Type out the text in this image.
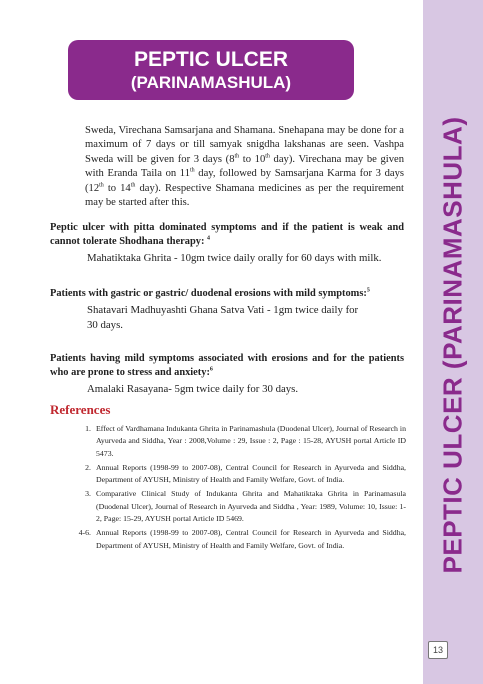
PEPTIC ULCER (PARINAMASHULA)
13
PEPTIC ULCER
(PARINAMASHULA)

Sweda, Virechana Samsarjana and Shamana. Snehapana may be done for a maximum of 7 days or till samyak snigdha lakshanas are seen. Vashpa Sweda will be given for 3 days (8th to 10th day). Virechana may be given with Eranda Taila on 11th day, followed by Samsarjana Karma for 3 days (12th to 14th day). Respective Shamana medicines as per the requirement may be started after this.

Peptic ulcer with pitta dominated symptoms and if the patient is weak and cannot tolerate Shodhana therapy: $^4$

Mahatiktaka Ghrita - 10gm twice daily orally for 60 days with milk.

Patients with gastric or gastric/ duodenal erosions with mild symptoms:$^5$

Shatavari Madhuyashti Ghana Satva Vati - 1gm twice daily for 30 days.

Patients having mild symptoms associated with erosions and for the patients who are prone to stress and anxiety:$^6$

Amalaki Rasayana- 5gm twice daily for 30 days.

References
1. Effect of Vardhamana Indukanta Ghrita in Parinamashula (Duodenal Ulcer), Journal of Research in Ayurveda and Siddha, Year : 2008,Volume : 29, Issue : 2, Page : 15-28, AYUSH portal Article ID 5473.
2. Annual Reports (1998-99 to 2007-08), Central Council for Research in Ayurveda and Siddha, Department of AYUSH, Ministry of Health and Family Welfare, Govt. of India.
3. Comparative Clinical Study of Indukanta Ghrita and Mahatiktaka Ghrita in Parinamasula (Duodenal Ulcer), Journal of Research in Ayurveda and Siddha , Year: 1989, Volume: 10, Issue: 1-2, Page: 15-29, AYUSH portal Article ID 5469.
4-6. Annual Reports (1998-99 to 2007-08), Central Council for Research in Ayurveda and Siddha, Department of AYUSH, Ministry of Health and Family Welfare, Govt. of India.
